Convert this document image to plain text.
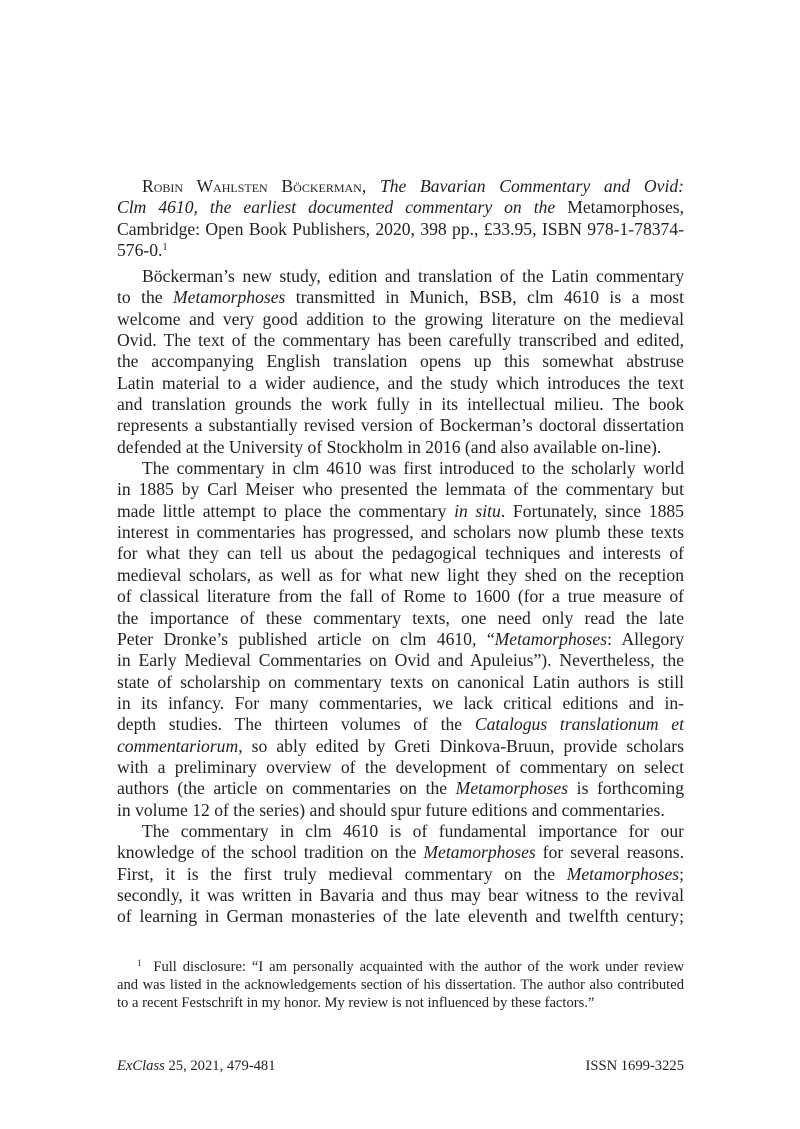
Robin Wahlsten Böckerman, The Bavarian Commentary and Ovid:
Clm 4610, the earliest documented commentary on the Metamorphoses,
Cambridge: Open Book Publishers, 2020, 398 pp., £33.95, ISBN 978-1-78374-
576-0.$^1$
Böckerman’s new study, edition and translation of the Latin commentary
to the Metamorphoses transmitted in Munich, BSB, clm 4610 is a most
welcome and very good addition to the growing literature on the medieval
Ovid. The text of the commentary has been carefully transcribed and edited,
the accompanying English translation opens up this somewhat abstruse
Latin material to a wider audience, and the study which introduces the text
and translation grounds the work fully in its intellectual milieu. The book
represents a substantially revised version of Bockerman’s doctoral dissertation
defended at the University of Stockholm in 2016 (and also available on-line).
The commentary in clm 4610 was first introduced to the scholarly world
in 1885 by Carl Meiser who presented the lemmata of the commentary but
made little attempt to place the commentary in situ. Fortunately, since 1885
interest in commentaries has progressed, and scholars now plumb these texts
for what they can tell us about the pedagogical techniques and interests of
medieval scholars, as well as for what new light they shed on the reception
of classical literature from the fall of Rome to 1600 (for a true measure of
the importance of these commentary texts, one need only read the late
Peter Dronke’s published article on clm 4610, “Metamorphoses: Allegory
in Early Medieval Commentaries on Ovid and Apuleius”). Nevertheless, the
state of scholarship on commentary texts on canonical Latin authors is still
in its infancy. For many commentaries, we lack critical editions and in-
depth studies. The thirteen volumes of the Catalogus translationum et
commentariorum, so ably edited by Greti Dinkova-Bruun, provide scholars
with a preliminary overview of the development of commentary on select
authors (the article on commentaries on the Metamorphoses is forthcoming
in volume 12 of the series) and should spur future editions and commentaries.
The commentary in clm 4610 is of fundamental importance for our
knowledge of the school tradition on the Metamorphoses for several reasons.
First, it is the first truly medieval commentary on the Metamorphoses;
secondly, it was written in Bavaria and thus may bear witness to the revival
of learning in German monasteries of the late eleventh and twelfth century;
$^1$ Full disclosure: “I am personally acquainted with the author of the work under review
and was listed in the acknowledgements section of his dissertation. The author also contributed
to a recent Festschrift in my honor. My review is not influenced by these factors.”
ExClass 25, 2021, 479-481	ISSN 1699-3225
